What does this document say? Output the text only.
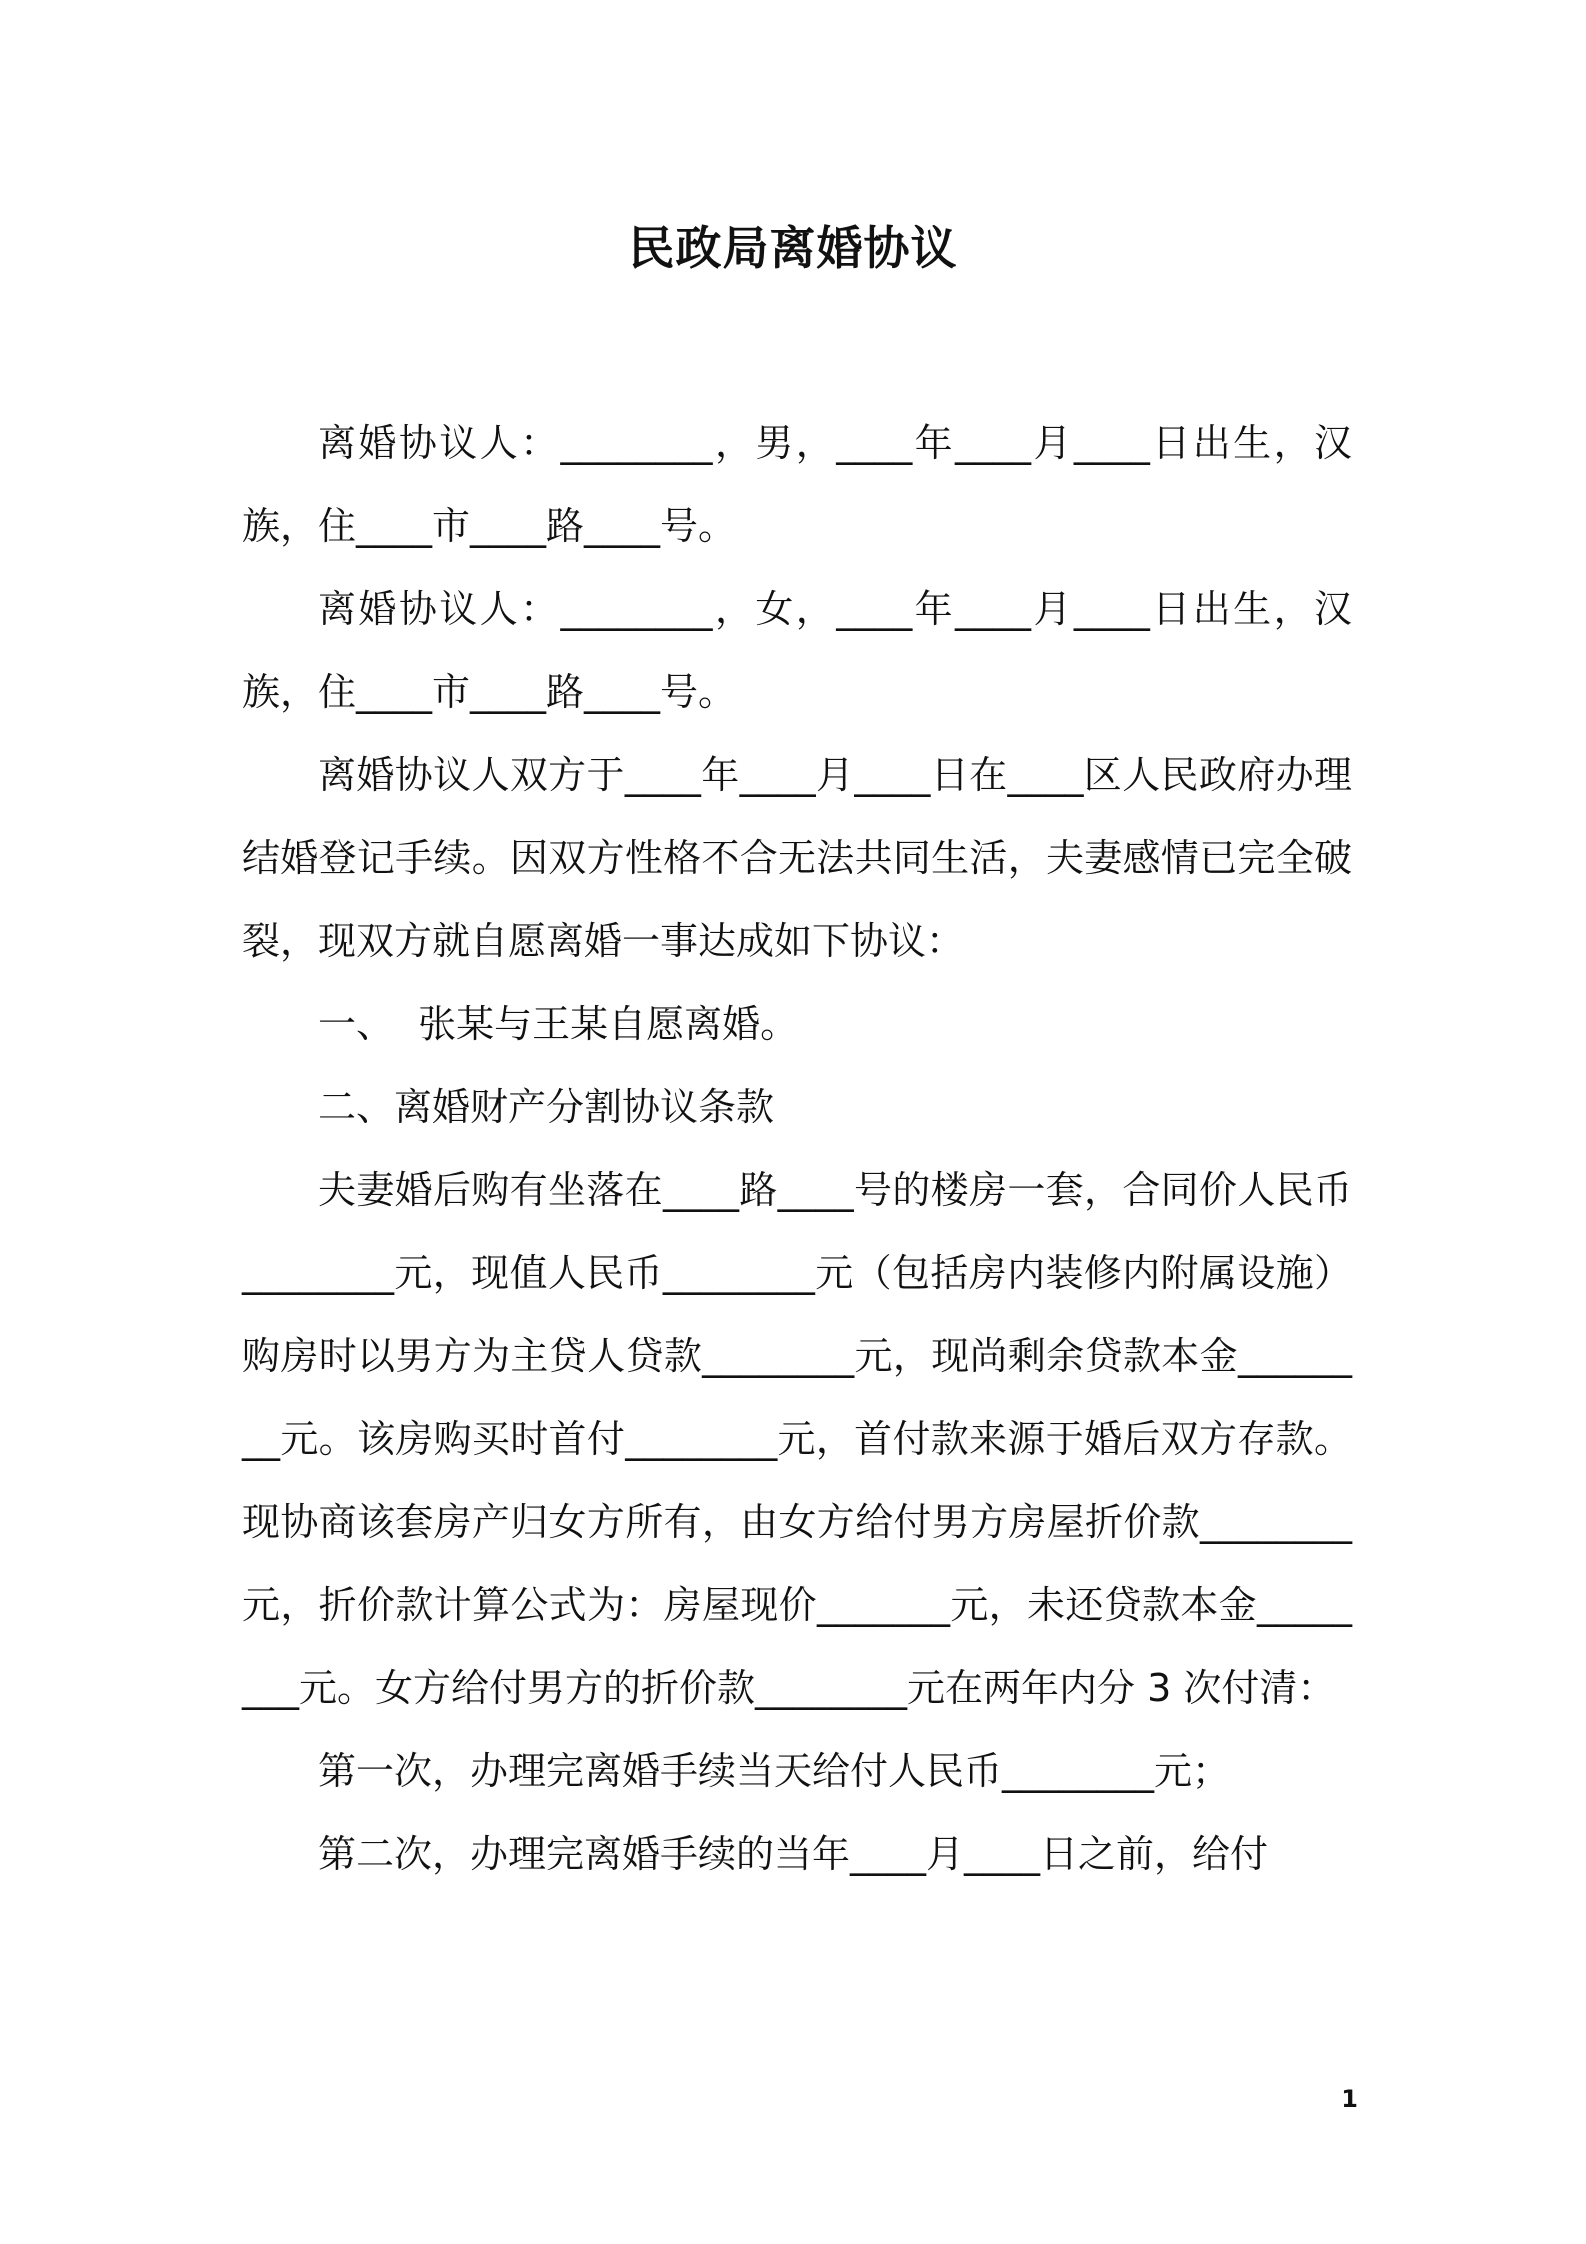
民政局离婚协议

离婚协议人：________，男，____年____月____日出生，汉族，住____市____路____号。

离婚协议人：________，女，____年____月____日出生，汉族，住____市____路____号。

离婚协议人双方于____年____月____日在____区人民政府办理结婚登记手续。因双方性格不合无法共同生活，夫妻感情已完全破裂，现双方就自愿离婚一事达成如下协议：

一、  张某与王某自愿离婚。

二、离婚财产分割协议条款

夫妻婚后购有坐落在____路____号的楼房一套，合同价人民币________元，现值人民币________元（包括房内装修内附属设施）购房时以男方为主贷人贷款________元，现尚剩余贷款本金________元。该房购买时首付________元，首付款来源于婚后双方存款。现协商该套房产归女方所有，由女方给付男方房屋折价款________元，折价款计算公式为：房屋现价_______元，未还贷款本金________元。女方给付男方的折价款________元在两年内分 3 次付清：

第一次，办理完离婚手续当天给付人民币________元；

第二次，办理完离婚手续的当年____月____日之前，给付

1
